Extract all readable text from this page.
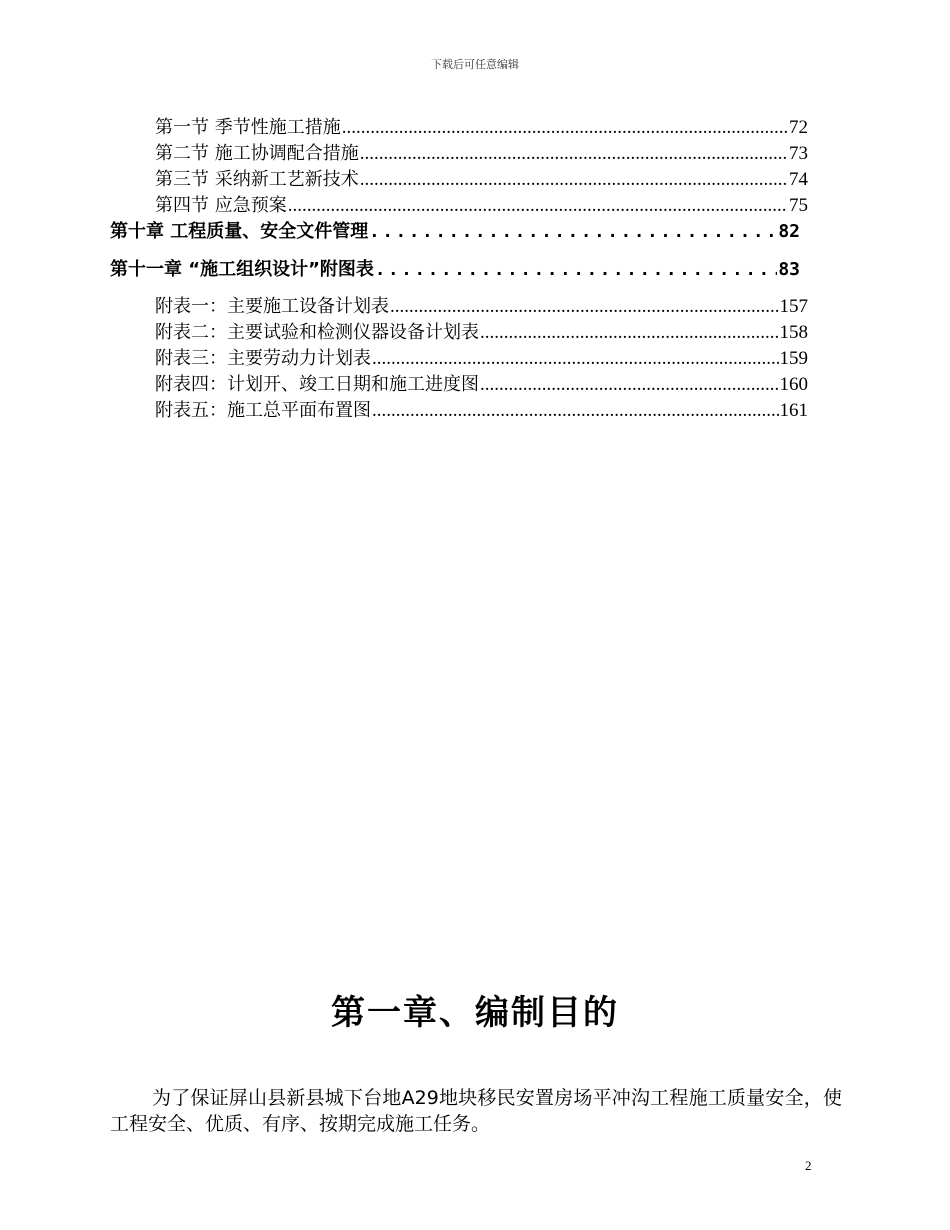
下载后可任意编辑
第一节 季节性施工措施 .....	72
第二节 施工协调配合措施 .....	73
第三节 采纳新工艺新技术 .....	74
第四节 应急预案 .....	75
第十章 工程质量、安全文件管理 .....	82
第十一章 “施工组织设计”附图表 .....	83
附表一：主要施工设备计划表 .....	157
附表二：主要试验和检测仪器设备计划表 .....	158
附表三：主要劳动力计划表 .....	159
附表四：计划开、竣工日期和施工进度图 .....	160
附表五：施工总平面布置图 .....	161
第一章、编制目的

为了保证屏山县新县城下台地A29地块移民安置房场平冲沟工程施工质量安全，使工程安全、优质、有序、按期完成施工任务。

2
